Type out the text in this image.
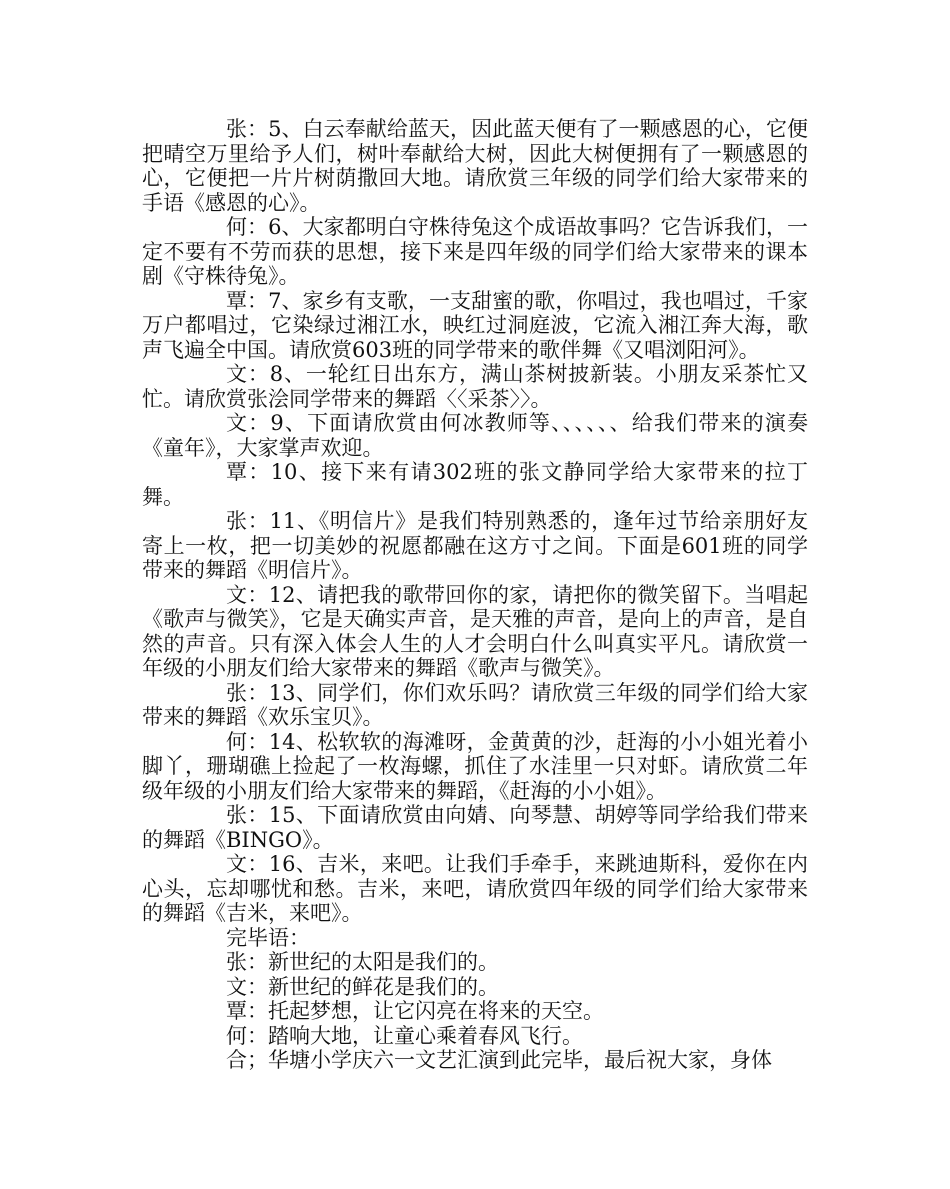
张：5、白云奉献给蓝天，因此蓝天便有了一颗感恩的心，它便把晴空万里给予人们，树叶奉献给大树，因此大树便拥有了一颗感恩的心，它便把一片片树荫撒回大地。请欣赏三年级的同学们给大家带来的手语《感恩的心》。

何：6、大家都明白守株待兔这个成语故事吗？它告诉我们，一定不要有不劳而获的思想，接下来是四年级的同学们给大家带来的课本剧《守株待兔》。

覃：7、家乡有支歌，一支甜蜜的歌，你唱过，我也唱过，千家万户都唱过，它染绿过湘江水，映红过洞庭波，它流入湘江奔大海，歌声飞遍全中国。请欣赏603班的同学带来的歌伴舞《又唱浏阳河》。

文：8、一轮红日出东方，满山茶树披新装。小朋友采茶忙又忙。请欣赏张浍同学带来的舞蹈〈〈采茶〉〉。

文：9、下面请欣赏由何冰教师等、、、、、、给我们带来的演奏《童年》，大家掌声欢迎。

覃：10、接下来有请302班的张文静同学给大家带来的拉丁舞。

张：11、《明信片》是我们特别熟悉的，逢年过节给亲朋好友寄上一枚，把一切美妙的祝愿都融在这方寸之间。下面是601班的同学带来的舞蹈《明信片》。

文：12、请把我的歌带回你的家，请把你的微笑留下。当唱起《歌声与微笑》，它是天确实声音，是天雅的声音，是向上的声音，是自然的声音。只有深入体会人生的人才会明白什么叫真实平凡。请欣赏一年级的小朋友们给大家带来的舞蹈《歌声与微笑》。

张：13、同学们，你们欢乐吗？请欣赏三年级的同学们给大家带来的舞蹈《欢乐宝贝》。

何：14、松软软的海滩呀，金黄黄的沙，赶海的小小姐光着小脚丫，珊瑚礁上捡起了一枚海螺，抓住了水洼里一只对虾。请欣赏二年级年级的小朋友们给大家带来的舞蹈，《赶海的小小姐》。

张：15、下面请欣赏由向婧、向琴慧、胡婷等同学给我们带来的舞蹈《BINGO》。

文：16、吉米，来吧。让我们手牵手，来跳迪斯科，爱你在内心头，忘却哪忧和愁。吉米，来吧，请欣赏四年级的同学们给大家带来的舞蹈《吉米，来吧》。

完毕语：

张：新世纪的太阳是我们的。

文：新世纪的鲜花是我们的。

覃：托起梦想，让它闪亮在将来的天空。

何：踏响大地，让童心乘着春风飞行。

合；华塘小学庆六一文艺汇演到此完毕，最后祝大家，身体
